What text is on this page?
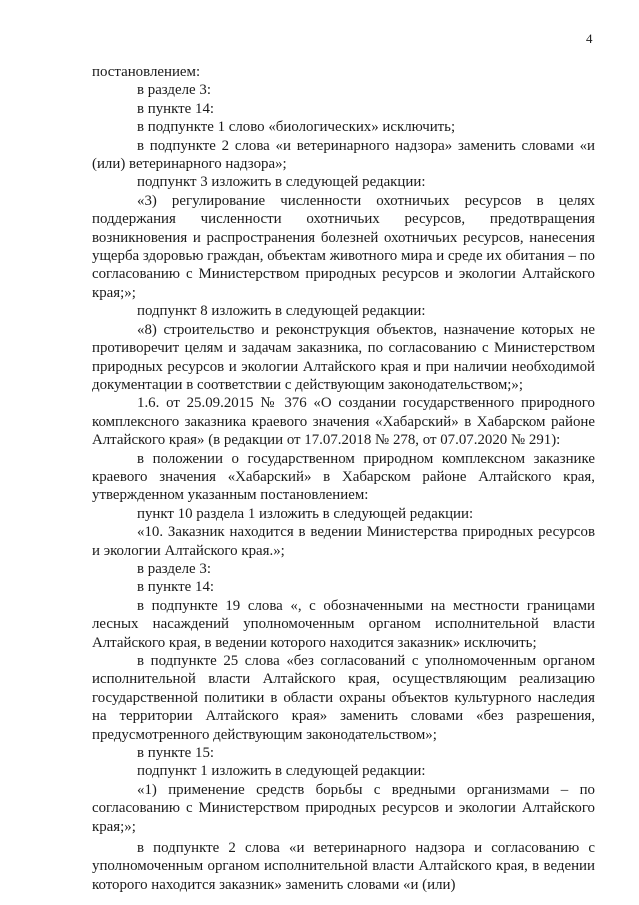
4

постановлением:

в разделе 3:

в пункте 14:

в подпункте 1 слово «биологических» исключить;

в подпункте 2 слова «и ветеринарного надзора» заменить словами «и (или) ветеринарного надзора»;

подпункт 3 изложить в следующей редакции:

«3) регулирование численности охотничьих ресурсов в целях поддержания численности охотничьих ресурсов, предотвращения возникновения и распространения болезней охотничьих ресурсов, нанесения ущерба здоровью граждан, объектам животного мира и среде их обитания – по согласованию с Министерством природных ресурсов и экологии Алтайского края;»;

подпункт 8 изложить в следующей редакции:

«8) строительство и реконструкция объектов, назначение которых не противоречит целям и задачам заказника, по согласованию с Министерством природных ресурсов и экологии Алтайского края и при наличии необходимой документации в соответствии с действующим законодательством;»;

1.6. от 25.09.2015 № 376 «О создании государственного природного комплексного заказника краевого значения «Хабарский» в Хабарском районе Алтайского края» (в редакции от 17.07.2018 № 278, от 07.07.2020 № 291):

в положении о государственном природном комплексном заказнике краевого значения «Хабарский» в Хабарском районе Алтайского края, утвержденном указанным постановлением:

пункт 10 раздела 1 изложить в следующей редакции:

«10. Заказник находится в ведении Министерства природных ресурсов и экологии Алтайского края.»;

в разделе 3:

в пункте 14:

в подпункте 19 слова «, с обозначенными на местности границами лесных насаждений уполномоченным органом исполнительной власти Алтайского края, в ведении которого находится заказник» исключить;

в подпункте 25 слова «без согласований с уполномоченным органом исполнительной власти Алтайского края, осуществляющим реализацию государственной политики в области охраны объектов культурного наследия на территории Алтайского края» заменить словами «без разрешения, предусмотренного действующим законодательством»;

в пункте 15:

подпункт 1 изложить в следующей редакции:

«1) применение средств борьбы с вредными организмами – по согласованию с Министерством природных ресурсов и экологии Алтайского края;»;

в подпункте 2 слова «и ветеринарного надзора и согласованию с уполномоченным органом исполнительной власти Алтайского края, в ведении которого находится заказник» заменить словами «и (или)
